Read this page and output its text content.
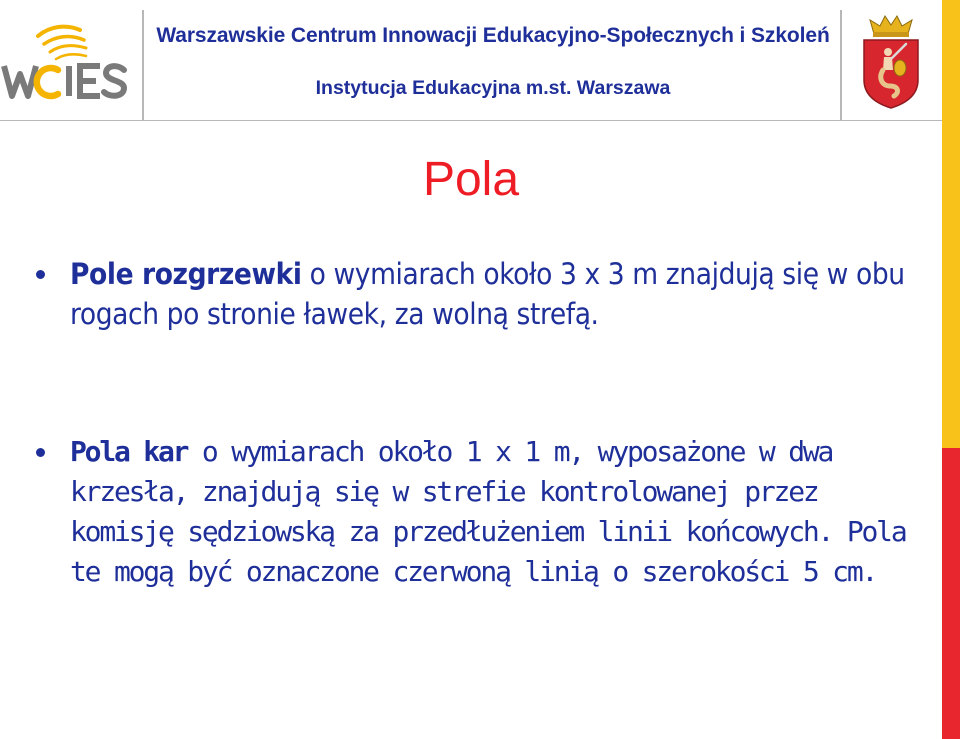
Warszawskie Centrum Innowacji Edukacyjno-Społecznych i Szkoleń
Instytucja Edukacyjna m.st. Warszawa
Pola
Pole rozgrzewki o wymiarach około 3 x 3 m znajdują się w obu rogach po stronie ławek, za wolną strefą.
Pola kar o wymiarach około 1 x 1 m, wyposażone w dwa krzesła, znajdują się w strefie kontrolowanej przez komisję sędziowską za przedłużeniem linii końcowych. Pola te mogą być oznaczone czerwoną linią o szerokości 5 cm.
